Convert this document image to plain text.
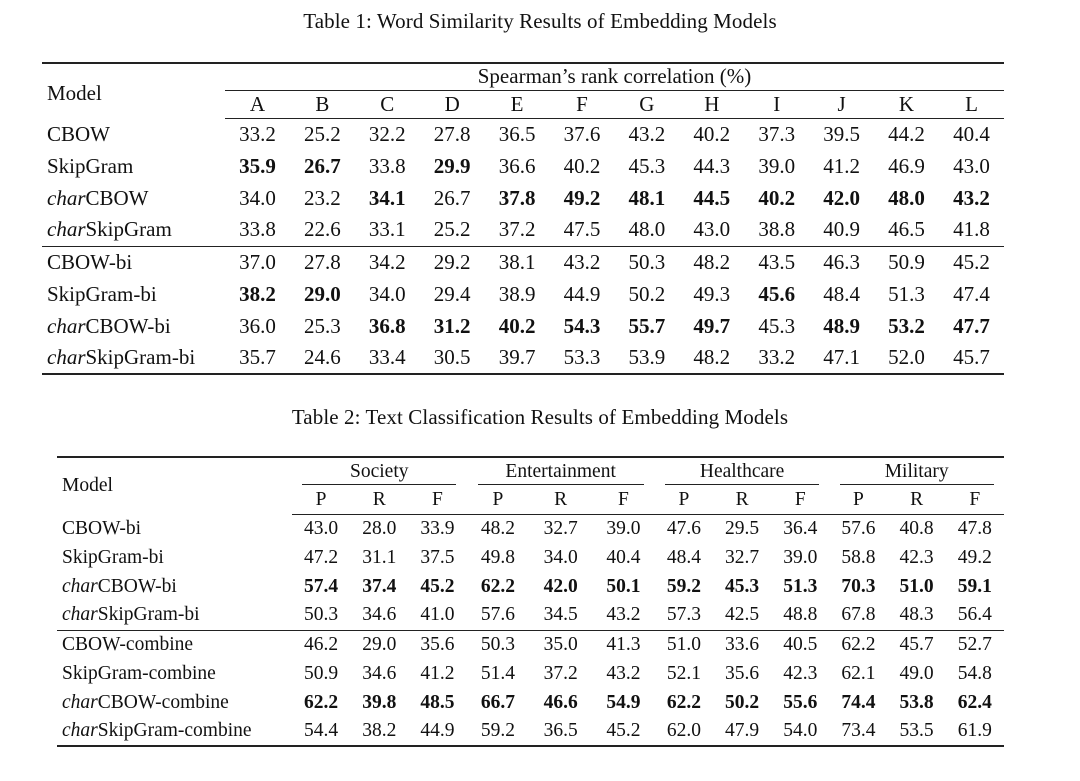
Table 1: Word Similarity Results of Embedding Models
Model	Spearman’s rank correlation (%)											
	A	B	C	D	E	F	G	H	I	J	K	L
CBOW	33.2	25.2	32.2	27.8	36.5	37.6	43.2	40.2	37.3	39.5	44.2	40.4
SkipGram	35.9	26.7	33.8	29.9	36.6	40.2	45.3	44.3	39.0	41.2	46.9	43.0
charCBOW	34.0	23.2	34.1	26.7	37.8	49.2	48.1	44.5	40.2	42.0	48.0	43.2
charSkipGram	33.8	22.6	33.1	25.2	37.2	47.5	48.0	43.0	38.8	40.9	46.5	41.8
CBOW-bi	37.0	27.8	34.2	29.2	38.1	43.2	50.3	48.2	43.5	46.3	50.9	45.2
SkipGram-bi	38.2	29.0	34.0	29.4	38.9	44.9	50.2	49.3	45.6	48.4	51.3	47.4
charCBOW-bi	36.0	25.3	36.8	31.2	40.2	54.3	55.7	49.7	45.3	48.9	53.2	47.7
charSkipGram-bi	35.7	24.6	33.4	30.5	39.7	53.3	53.9	48.2	33.2	47.1	52.0	45.7
Table 2: Text Classification Results of Embedding Models
Model	Society			Entertainment			Healthcare			Military		
	P	R	F	P	R	F	P	R	F	P	R	F
CBOW-bi	43.0	28.0	33.9	48.2	32.7	39.0	47.6	29.5	36.4	57.6	40.8	47.8
SkipGram-bi	47.2	31.1	37.5	49.8	34.0	40.4	48.4	32.7	39.0	58.8	42.3	49.2
charCBOW-bi	57.4	37.4	45.2	62.2	42.0	50.1	59.2	45.3	51.3	70.3	51.0	59.1
charSkipGram-bi	50.3	34.6	41.0	57.6	34.5	43.2	57.3	42.5	48.8	67.8	48.3	56.4
CBOW-combine	46.2	29.0	35.6	50.3	35.0	41.3	51.0	33.6	40.5	62.2	45.7	52.7
SkipGram-combine	50.9	34.6	41.2	51.4	37.2	43.2	52.1	35.6	42.3	62.1	49.0	54.8
charCBOW-combine	62.2	39.8	48.5	66.7	46.6	54.9	62.2	50.2	55.6	74.4	53.8	62.4
charSkipGram-combine	54.4	38.2	44.9	59.2	36.5	45.2	62.0	47.9	54.0	73.4	53.5	61.9
